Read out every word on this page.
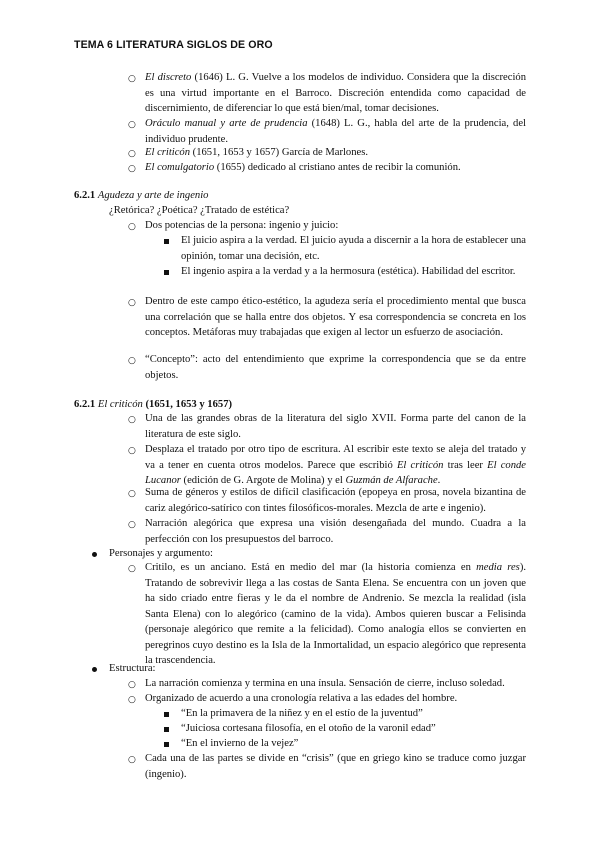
TEMA 6 LITERATURA SIGLOS DE ORO
○ El discreto (1646) L. G. Vuelve a los modelos de individuo. Considera que la discreción es una virtud importante en el Barroco. Discreción entendida como capacidad de discernimiento, de diferenciar lo que está bien/mal, tomar decisiones.
○ Oráculo manual y arte de prudencia (1648) L. G., habla del arte de la prudencia, del individuo prudente.
○ El criticón (1651, 1653 y 1657) García de Marlones.
○ El comulgatorio (1655) dedicado al cristiano antes de recibir la comunión.
6.2.1 Agudeza y arte de ingenio
¿Retórica? ¿Poética? ¿Tratado de estética?
○ Dos potencias de la persona: ingenio y juicio:
El juicio aspira a la verdad. El juicio ayuda a discernir a la hora de establecer una opinión, tomar una decisión, etc.
El ingenio aspira a la verdad y a la hermosura (estética). Habilidad del escritor.
○ Dentro de este campo ético-estético, la agudeza sería el procedimiento mental que busca una correlación que se halla entre dos objetos. Y esa correspondencia se concreta en los conceptos. Metáforas muy trabajadas que exigen al lector un esfuerzo de asociación.
○ “Concepto”: acto del entendimiento que exprime la correspondencia que se da entre objetos.
6.2.1 El criticón (1651, 1653 y 1657)
○ Una de las grandes obras de la literatura del siglo XVII. Forma parte del canon de la literatura de este siglo.
○ Desplaza el tratado por otro tipo de escritura. Al escribir este texto se aleja del tratado y va a tener en cuenta otros modelos. Parece que escribió El criticón tras leer El conde Lucanor (edición de G. Argote de Molina) y el Guzmán de Alfarache.
○ Suma de géneros y estilos de difícil clasificación (epopeya en prosa, novela bizantina de cariz alegórico-satírico con tintes filosóficos-morales. Mezcla de arte e ingenio).
○ Narración alegórica que expresa una visión desengañada del mundo. Cuadra a la perfección con los presupuestos del barroco.
Personajes y argumento:
○ Critilo, es un anciano. Está en medio del mar (la historia comienza en media res). Tratando de sobrevivir llega a las costas de Santa Elena. Se encuentra con un joven que ha sido criado entre fieras y le da el nombre de Andrenio. Se mezcla la realidad (isla Santa Elena) con lo alegórico (camino de la vida). Ambos quieren buscar a Felisinda (personaje alegórico que remite a la felicidad). Como analogía ellos se convierten en peregrinos cuyo destino es la Isla de la Inmortalidad, un espacio alegórico que representa la trascendencia.
Estructura:
○ La narración comienza y termina en una ínsula. Sensación de cierre, incluso soledad.
○ Organizado de acuerdo a una cronología relativa a las edades del hombre.
“En la primavera de la niñez y en el estío de la juventud”
“Juiciosa cortesana filosofía, en el otoño de la varonil edad”
“En el invierno de la vejez”
○ Cada una de las partes se divide en “crisis” (que en griego kino se traduce como juzgar (ingenio).
